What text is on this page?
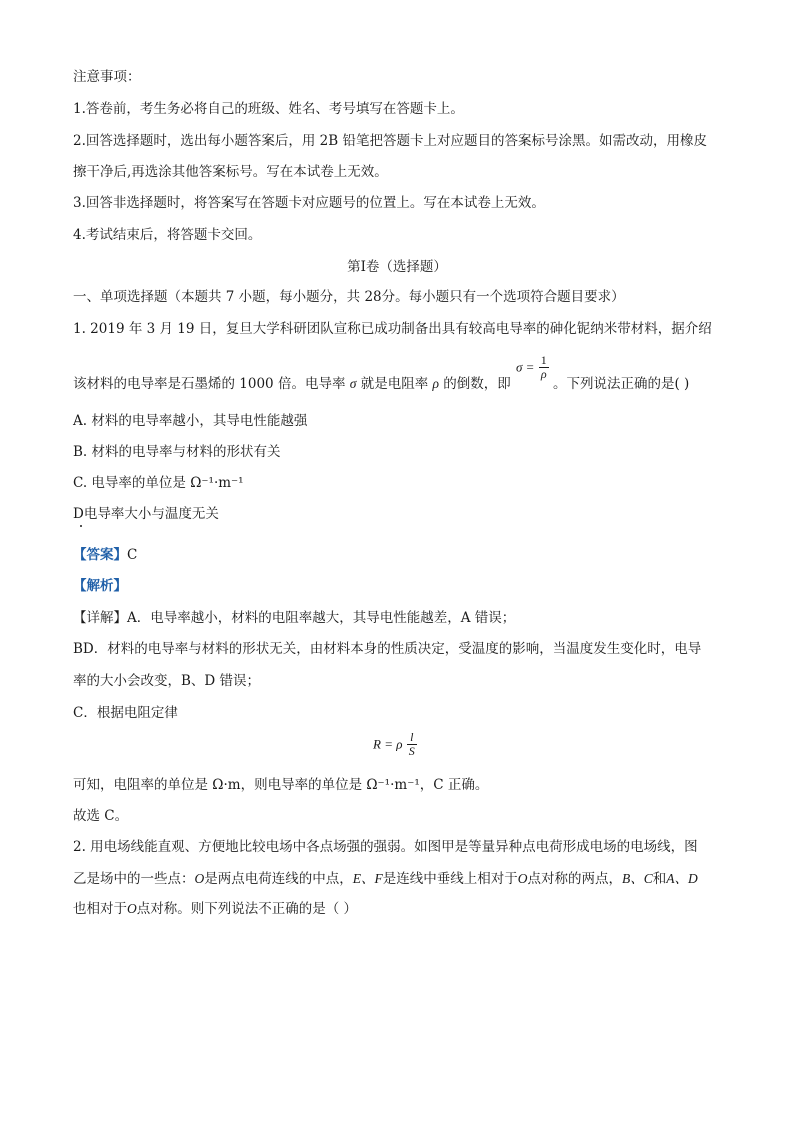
注意事项：
1.答卷前，考生务必将自己的班级、姓名、考号填写在答题卡上。
2.回答选择题时，选出每小题答案后，用 2B 铅笔把答题卡上对应题目的答案标号涂黑。如需改动，用橡皮
擦干净后,再选涂其他答案标号。写在本试卷上无效。
3.回答非选择题时，将答案写在答题卡对应题号的位置上。写在本试卷上无效。
4.考试结束后，将答题卡交回。
第Ⅰ卷（选择题）
一、单项选择题（本题共 7 小题，每小题分，共 28分。每小题只有一个选项符合题目要求）
1. 2019 年 3 月 19 日，复旦大学科研团队宣称已成功制备出具有较高电导率的砷化铌纳米带材料，据介绍
该材料的电导率是石墨烯的 1000 倍。电导率 σ 就是电阻率 ρ 的倒数，即
$\sigma = \frac{1}{\rho}$
。下列说法正确的是( )
A. 材料的电导率越小，其导电性能越强
B. 材料的电导率与材料的形状有关
C. 电导率的单位是 Ω⁻¹·m⁻¹
D电导率大小与温度无关
【答案】C
【解析】
【详解】A．电导率越小，材料的电阻率越大，其导电性能越差，A 错误；
BD．材料的电导率与材料的形状无关，由材料本身的性质决定，受温度的影响，当温度发生变化时，电导
率的大小会改变，B、D 错误；
C．根据电阻定律
R = ρ $\frac{l}{S}$
可知，电阻率的单位是 Ω·m，则电导率的单位是 Ω⁻¹·m⁻¹，C 正确。
故选 C。
2. 用电场线能直观、方便地比较电场中各点场强的强弱。如图甲是等量异种点电荷形成电场的电场线，图
乙是场中的一些点：O是两点电荷连线的中点，E、F是连线中垂线上相对于O点对称的两点，B、C和A、D
也相对于O点对称。则下列说法不正确的是（ ）
